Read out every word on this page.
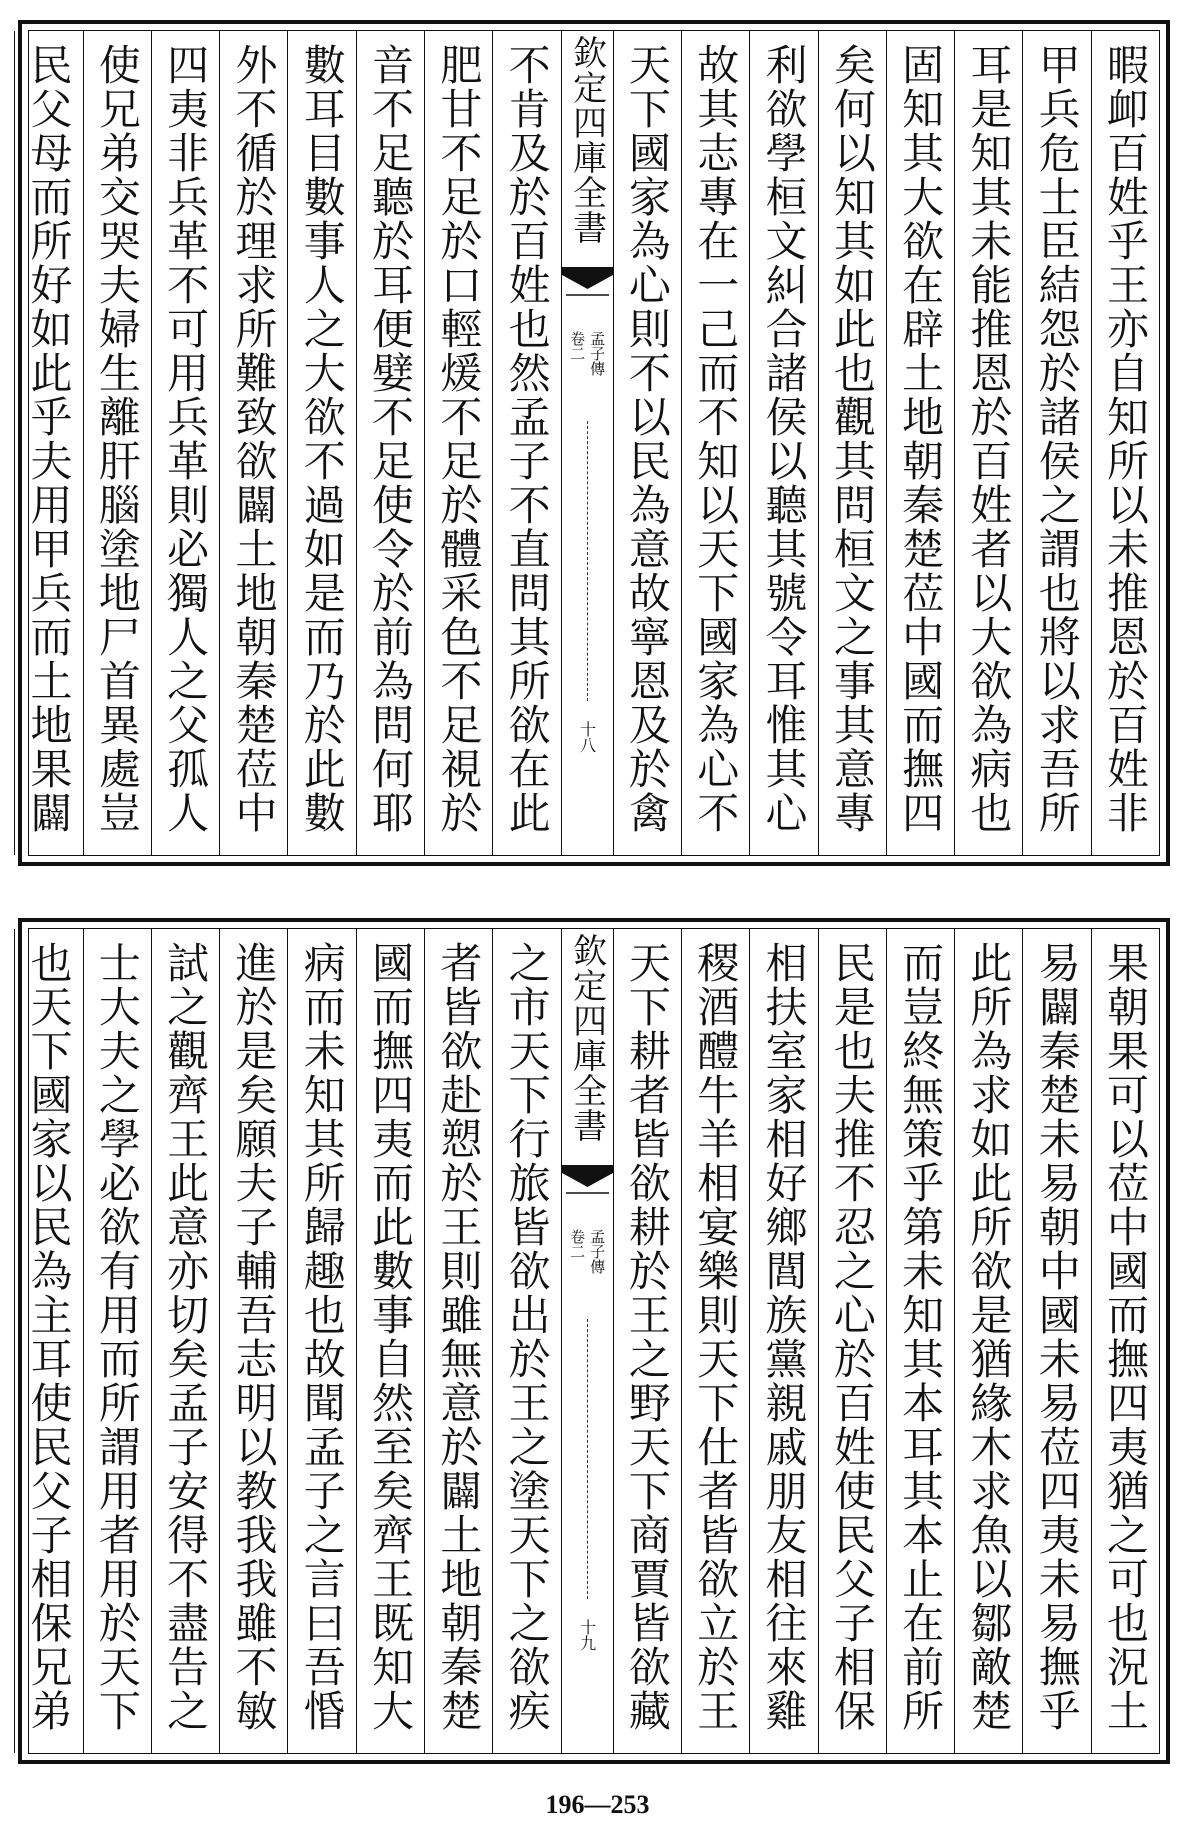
暇卹百姓乎王亦自知所以未推恩於百姓非
甲兵危士臣結怨於諸侯之謂也將以求吾所
耳是知其未能推恩於百姓者以大欲為病也
固知其大欲在辟土地朝秦楚莅中國而撫四
矣何以知其如此也觀其問桓文之事其意專
利欲學桓文糾合諸侯以聽其號令耳惟其心
故其志專在一己而不知以天下國家為心不
天下國家為心則不以民為意故寧恩及於禽
欽定四庫全書
孟子傳
卷二
十八
不肯及於百姓也然孟子不直問其所欲在此
肥甘不足於口輕煖不足於體采色不足視於
音不足聽於耳便嬖不足使令於前為問何耶
數耳目數事人之大欲不過如是而乃於此數
外不循於理求所難致欲闢土地朝秦楚莅中
四夷非兵革不可用兵革則必獨人之父孤人
使兄弟交哭夫婦生離肝腦塗地尸首異處豈
民父母而所好如此乎夫用甲兵而土地果闢
果朝果可以莅中國而撫四夷猶之可也況土
易闢秦楚未易朝中國未易莅四夷未易撫乎
此所為求如此所欲是猶緣木求魚以鄒敵楚
而豈終無策乎第未知其本耳其本止在前所
民是也夫推不忍之心於百姓使民父子相保
相扶室家相好鄉閭族黨親戚朋友相往來雞
稷酒醴牛羊相宴樂則天下仕者皆欲立於王
天下耕者皆欲耕於王之野天下商賈皆欲藏
欽定四庫全書
孟子傳
卷二
十九
之市天下行旅皆欲出於王之塗天下之欲疾
者皆欲赴愬於王則雖無意於闢土地朝秦楚
國而撫四夷而此數事自然至矣齊王既知大
病而未知其所歸趣也故聞孟子之言曰吾惛
進於是矣願夫子輔吾志明以教我我雖不敏
試之觀齊王此意亦切矣孟子安得不盡告之
士大夫之學必欲有用而所謂用者用於天下
也天下國家以民為主耳使民父子相保兄弟
196—253
